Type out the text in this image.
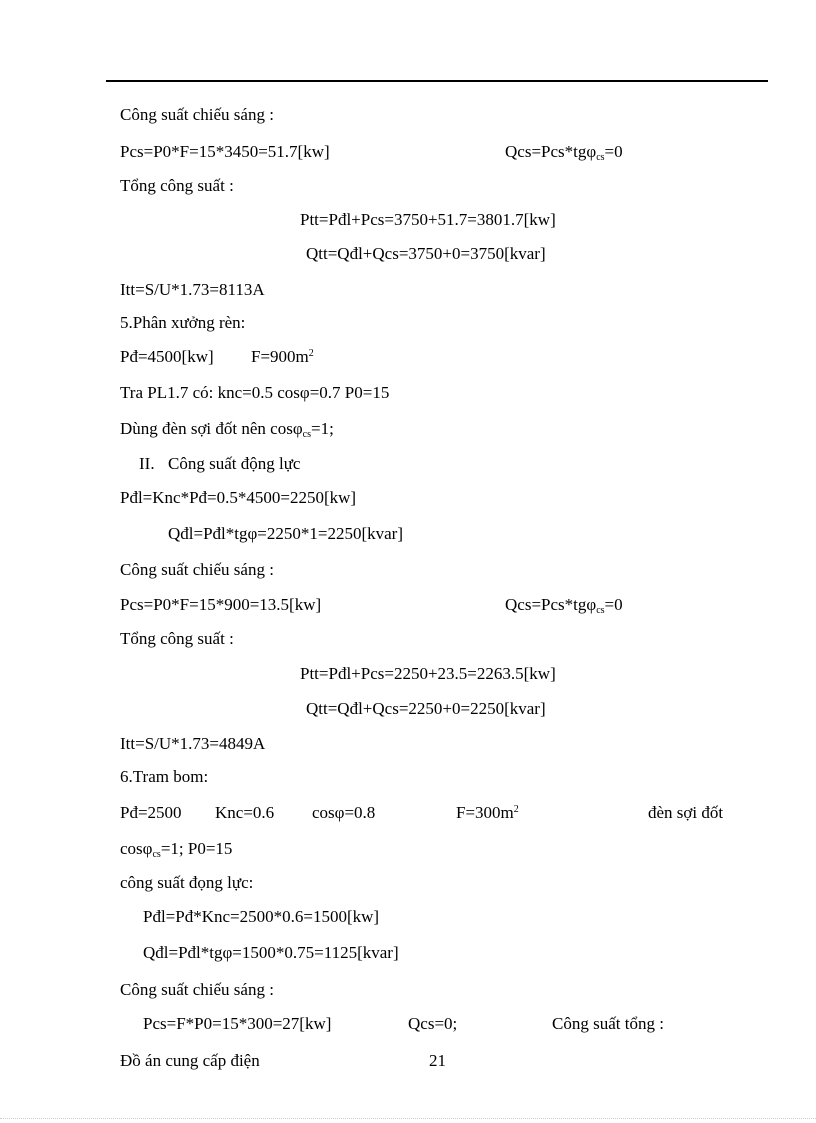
Công suất chiếu sáng :
Pcs=P0*F=15*3450=51.7[kw]	Qcs=Pcs*tgφ$_{cs}$=0
Tổng công suất :
Ptt=Pđl+Pcs=3750+51.7=3801.7[kw]
Qtt=Qđl+Qcs=3750+0=3750[kvar]
Itt=S/U*1.73=8113A
5.Phân xưởng rèn:
Pđ=4500[kw] $F=900m^2$
Tra PL1.7 có: knc=0.5 cosφ=0.7 P0=15
Dùng đèn sợi đốt nên cosφ$_{cs}$=1;
II. Công suất động lực
Pđl=Knc*Pđ=0.5*4500=2250[kw]
Qđl=Pđl*tgφ=2250*1=2250[kvar]
Công suất chiếu sáng :
Pcs=P0*F=15*900=13.5[kw]	Qcs=Pcs*tgφ$_{cs}$=0
Tổng công suất :
Ptt=Pđl+Pcs=2250+23.5=2263.5[kw]
Qtt=Qđl+Qcs=2250+0=2250[kvar]
Itt=S/U*1.73=4849A
6.Tram bom:
Pđ=2500 Knc=0.6 cosφ=0.8	$F=300m^2$	đèn sợi đốt
cosφ$_{cs}$=1; P0=15
công suất đọng lực:
Pđl=Pđ*Knc=2500*0.6=1500[kw]
Qđl=Pđl*tgφ=1500*0.75=1125[kvar]
Công suất chiếu sáng :
Pcs=F*P0=15*300=27[kw]	Qcs=0;	Công suất tổng :
Đồ án cung cấp điện	21
